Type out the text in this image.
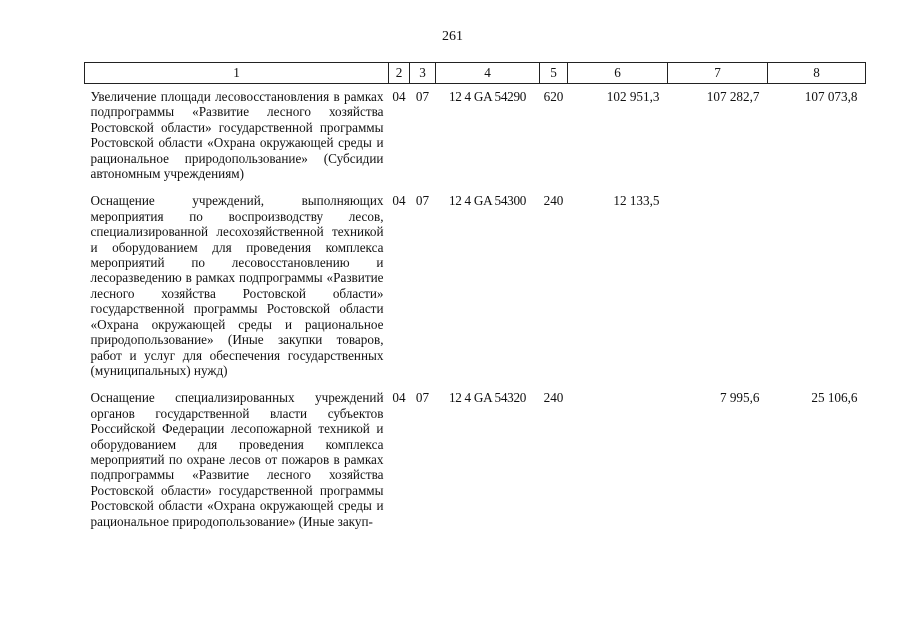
261
1	2	3	4	5	6	7	8
Увеличение площади лесовосстановления в рамках подпрограммы «Развитие лесного хозяйства Ростовской области» государственной программы Ростовской области «Охрана окружающей среды и рациональное природопользование» (Субсидии автономным учреждениям)	04	07	12 4 GA 54290	620	102 951,3	107 282,7	107 073,8
Оснащение учреждений, выполняющих мероприятия по воспроизводству лесов, специализированной лесохозяйственной техникой и оборудованием для проведения комплекса мероприятий по лесовосстановлению и лесоразведению в рамках подпрограммы «Развитие лесного хозяйства Ростовской области» государственной программы Ростовской области «Охрана окружающей среды и рациональное природопользование» (Иные закупки товаров, работ и услуг для обеспечения государственных (муниципальных) нужд)	04	07	12 4 GA 54300	240	12 133,5		
Оснащение специализированных учреждений органов государственной власти субъектов Российской Федерации лесопожарной техникой и оборудованием для проведения комплекса мероприятий по охране лесов от пожаров в рамках подпрограммы «Развитие лесного хозяйства Ростовской области» государственной программы Ростовской области «Охрана окружающей среды и рациональное природопользование» (Иные закуп-	04	07	12 4 GA 54320	240		7 995,6	25 106,6
